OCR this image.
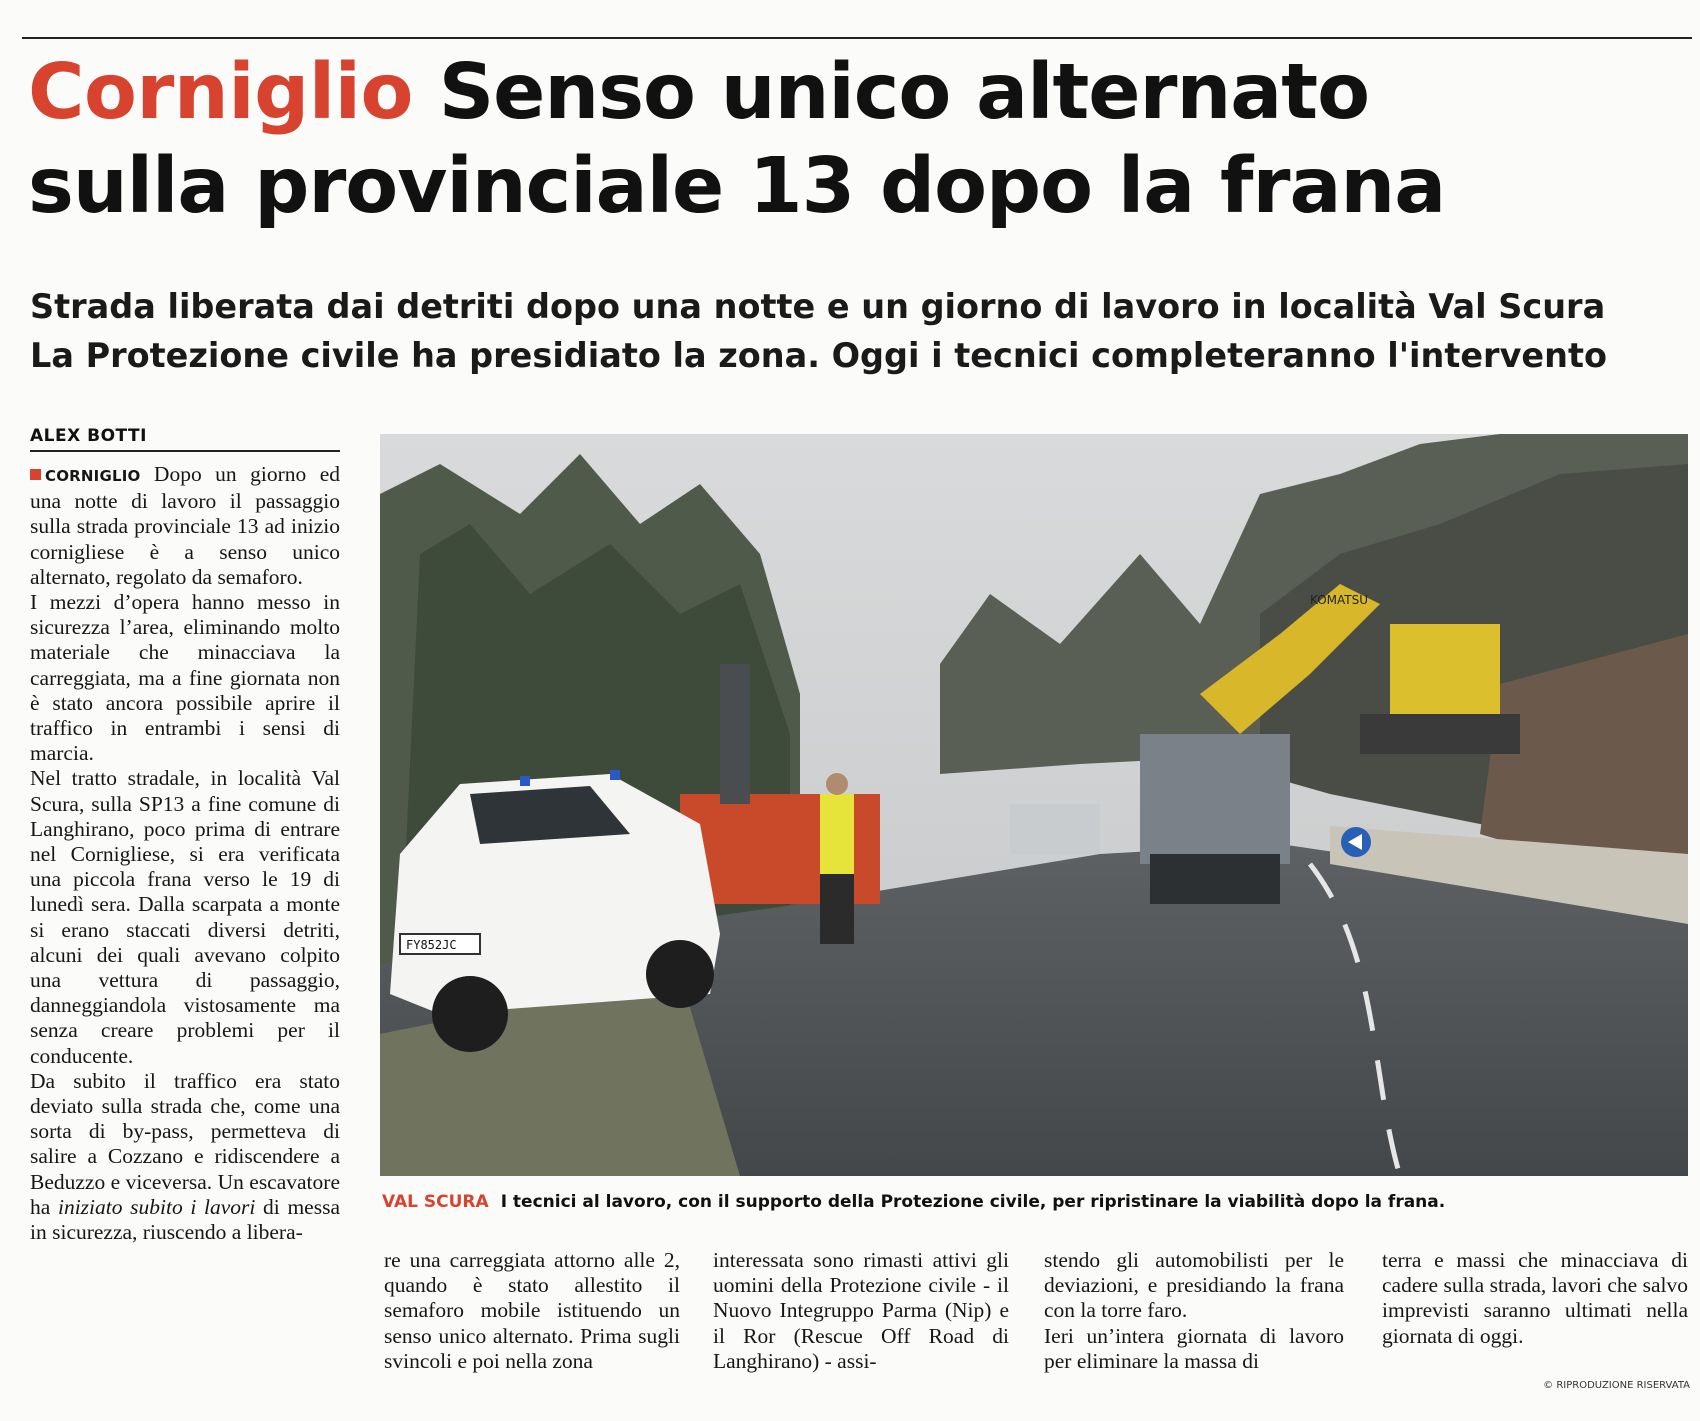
Corniglio Senso unico alternato
sulla provinciale 13 dopo la frana
Strada liberata dai detriti dopo una notte e un giorno di lavoro in località Val Scura
La Protezione civile ha presidiato la zona. Oggi i tecnici completeranno l'intervento

ALEX BOTTI

CORNIGLIO Dopo un giorno ed una notte di lavoro il passaggio sulla strada provinciale 13 ad inizio cornigliese è a senso unico alternato, regolato da semaforo.

I mezzi d’opera hanno messo in sicurezza l’area, eliminando molto materiale che minacciava la carreggiata, ma a fine giornata non è stato ancora possibile aprire il traffico in entrambi i sensi di marcia.

Nel tratto stradale, in località Val Scura, sulla SP13 a fine comune di Langhirano, poco prima di entrare nel Cornigliese, si era verificata una piccola frana verso le 19 di lunedì sera. Dalla scarpata a monte si erano staccati diversi detriti, alcuni dei quali avevano colpito una vettura di passaggio, danneggiandola vistosamente ma senza creare problemi per il conducente.

Da subito il traffico era stato deviato sulla strada che, come una sorta di by-pass, permetteva di salire a Cozzano e ridiscendere a Beduzzo e viceversa. Un escavatore ha iniziato subito i lavori di messa in sicurezza, riuscendo a libera-

KOMATSU
FY852JC

VAL SCURA I tecnici al lavoro, con il supporto della Protezione civile, per ripristinare la viabilità dopo la frana.

re una carreggiata attorno alle 2, quando è stato allestito il semaforo mobile istituendo un senso unico alternato. Prima sugli svincoli e poi nella zona

interessata sono rimasti attivi gli uomini della Protezione civile - il Nuovo Integruppo Parma (Nip) e il Ror (Rescue Off Road di Langhirano) - assi-

stendo gli automobilisti per le deviazioni, e presidiando la frana con la torre faro.

Ieri un’intera giornata di lavoro per eliminare la massa di

terra e massi che minacciava di cadere sulla strada, lavori che salvo imprevisti saranno ultimati nella giornata di oggi.

© RIPRODUZIONE RISERVATA
